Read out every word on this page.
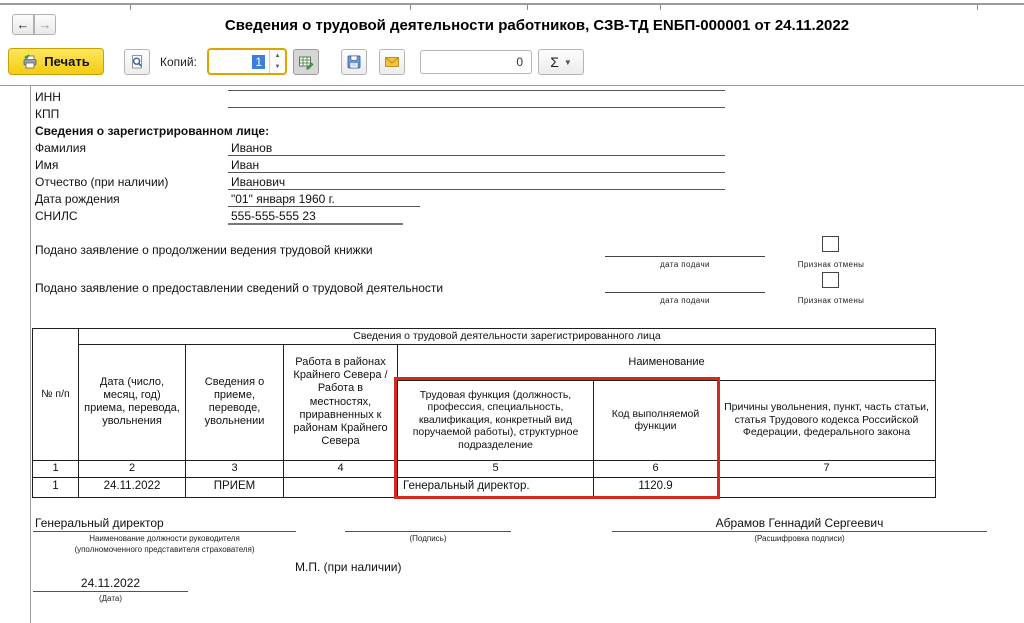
← →	Сведения о трудовой деятельности работников, СЗВ-ТД ENБП-000001 от 24.11.2022
Печать	Копий:	1	▲
▼	0 Σ ▼
ИНН
КПП
Сведения о зарегистрированном лице:
Фамилия	Иванов
Имя	Иван
Отчество (при наличии)	Иванович
Дата рождения	"01" января 1960 г.
СНИЛС	555-555-555 23
Подано заявление о продолжении ведения трудовой книжки
дата подачи	Признак отмены
Подано заявление о предоставлении сведений о трудовой деятельности
дата подачи	Признак отмены
№ п/п	Сведения о трудовой деятельности зарегистрированного лица					
	Дата (число, месяц, год) приема, перевода, увольнения	Сведения о приеме, переводе, увольнении	Работа в районах Крайнего Севера / Работа в местностях, приравненных к районам Крайнего Севера	Наименование		
				Трудовая функция (должность, профессия, специальность, квалификация, конкретный вид поручаемой работы), структурное подразделение	Код выполняемой функции	Причины увольнения, пункт, часть статьи, статья Трудового кодекса Российской Федерации, федерального закона
1	2	3	4	5	6	7
1	24.11.2022	ПРИЕМ		Генеральный директор.	1120.9	
Генеральный директор
Наименование должности руководителя
(уполномоченного представителя страхователя)
(Подпись)
Абрамов Геннадий Сергеевич
(Расшифровка подписи)
М.П. (при наличии)
24.11.2022
(Дата)
